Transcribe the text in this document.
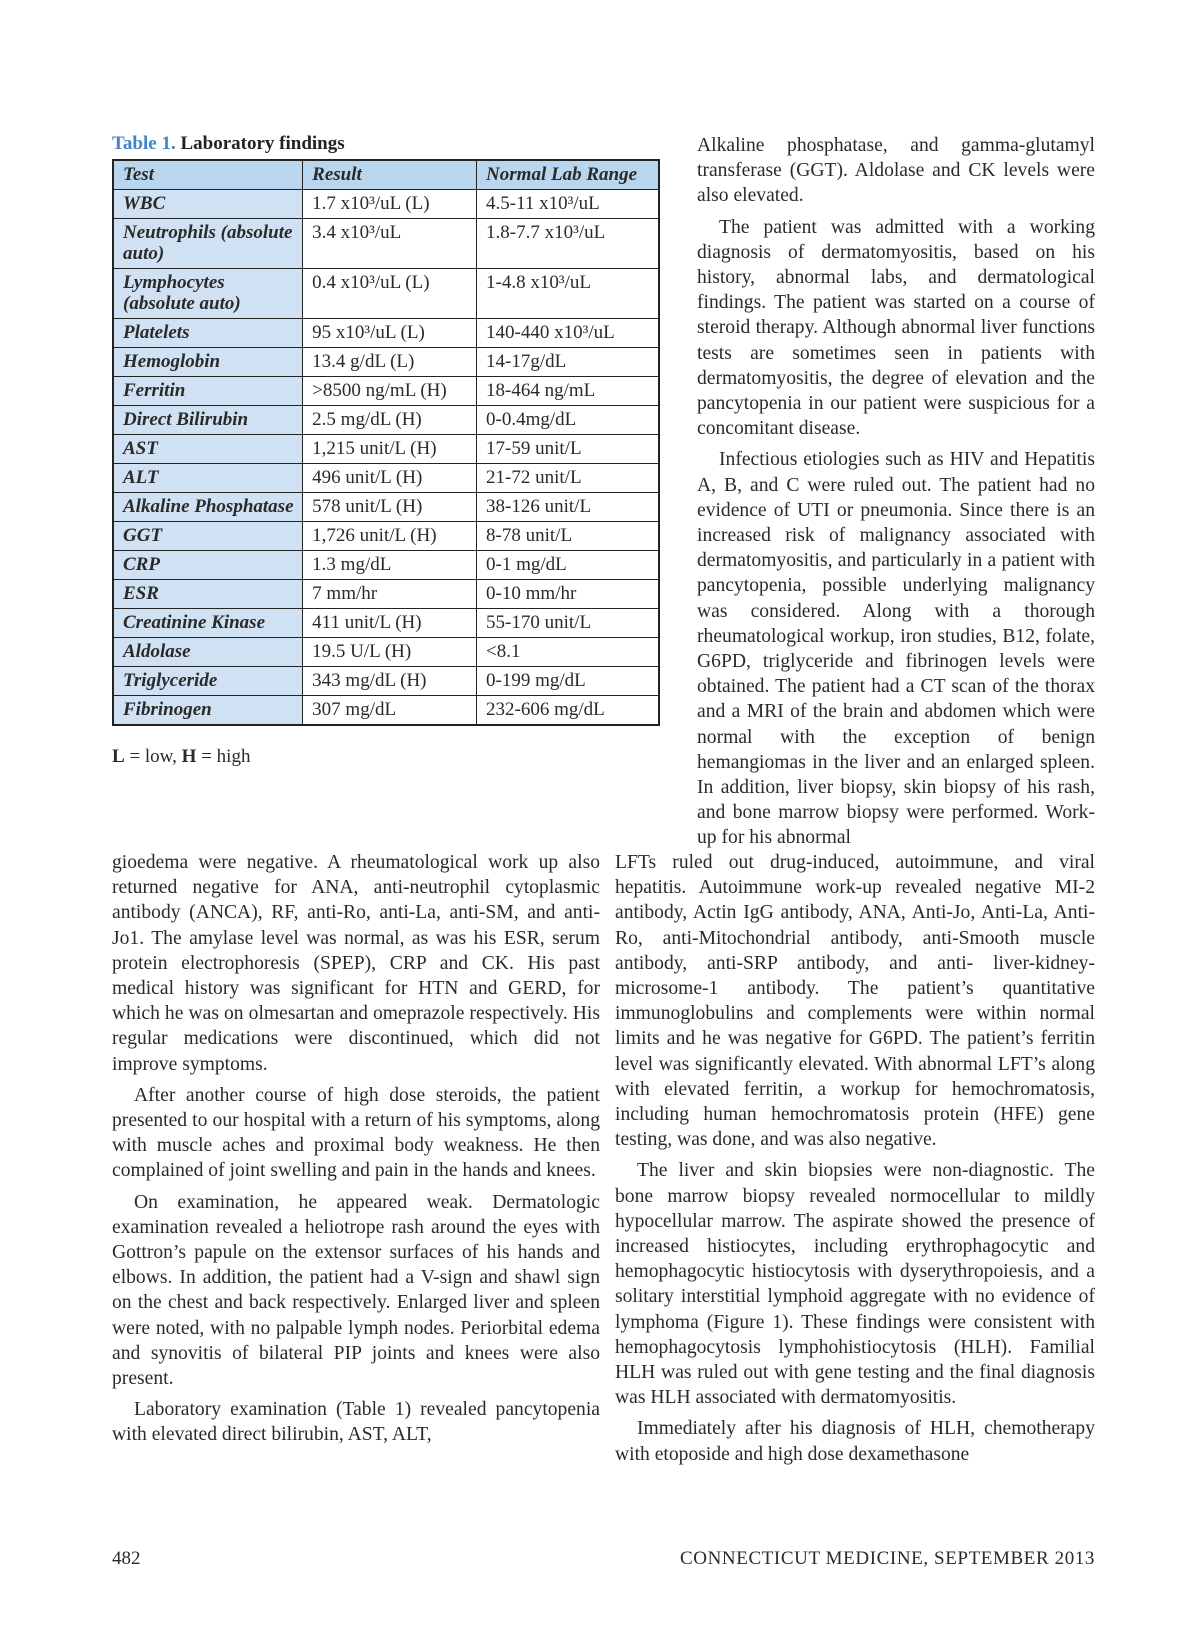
Table 1. Laboratory findings
Test	Result	Normal Lab Range
WBC	1.7 x10³/uL (L)	4.5-11 x10³/uL
Neutrophils (absolute auto)	3.4 x10³/uL	1.8-7.7 x10³/uL
Lymphocytes (absolute auto)	0.4 x10³/uL (L)	1-4.8 x10³/uL
Platelets	95 x10³/uL (L)	140-440 x10³/uL
Hemoglobin	13.4 g/dL (L)	14-17g/dL
Ferritin	>8500 ng/mL (H)	18-464 ng/mL
Direct Bilirubin	2.5 mg/dL (H)	0-0.4mg/dL
AST	1,215 unit/L (H)	17-59 unit/L
ALT	496 unit/L (H)	21-72 unit/L
Alkaline Phosphatase	578 unit/L (H)	38-126 unit/L
GGT	1,726 unit/L (H)	8-78 unit/L
CRP	1.3 mg/dL	0-1 mg/dL
ESR	7 mm/hr	0-10 mm/hr
Creatinine Kinase	411 unit/L (H)	55-170 unit/L
Aldolase	19.5 U/L (H)	<8.1
Triglyceride	343 mg/dL (H)	0-199 mg/dL
Fibrinogen	307 mg/dL	232-606 mg/dL
L = low, H = high

Alkaline phosphatase, and gamma-glutamyl transferase (GGT). Aldolase and CK levels were also elevated.

The patient was admitted with a working diagnosis of dermatomyositis, based on his history, abnormal labs, and dermatological findings. The patient was started on a course of steroid therapy. Although abnormal liver functions tests are sometimes seen in patients with dermatomyositis, the degree of elevation and the pancytopenia in our patient were suspicious for a concomitant disease.

Infectious etiologies such as HIV and Hepatitis A, B, and C were ruled out. The patient had no evidence of UTI or pneumonia. Since there is an increased risk of malignancy associated with dermatomyositis, and particularly in a patient with pancytopenia, possible underlying malignancy was considered. Along with a thorough rheumatological workup, iron studies, B12, folate, G6PD, triglyceride and fibrinogen levels were obtained. The patient had a CT scan of the thorax and a MRI of the brain and abdomen which were normal with the exception of benign hemangiomas in the liver and an enlarged spleen. In addition, liver biopsy, skin biopsy of his rash, and bone marrow biopsy were performed. Work-up for his abnormal

gioedema were negative. A rheumatological work up also returned negative for ANA, anti-neutrophil cytoplasmic antibody (ANCA), RF, anti-Ro, anti-La, anti-SM, and anti-Jo1. The amylase level was normal, as was his ESR, serum protein electrophoresis (SPEP), CRP and CK. His past medical history was significant for HTN and GERD, for which he was on olmesartan and omeprazole respectively. His regular medications were discontinued, which did not improve symptoms.

After another course of high dose steroids, the patient presented to our hospital with a return of his symptoms, along with muscle aches and proximal body weakness. He then complained of joint swelling and pain in the hands and knees.

On examination, he appeared weak. Dermatologic examination revealed a heliotrope rash around the eyes with Gottron’s papule on the extensor surfaces of his hands and elbows. In addition, the patient had a V-sign and shawl sign on the chest and back respectively. Enlarged liver and spleen were noted, with no palpable lymph nodes. Periorbital edema and synovitis of bilateral PIP joints and knees were also present.

Laboratory examination (Table 1) revealed pancytopenia with elevated direct bilirubin, AST, ALT,

LFTs ruled out drug-induced, autoimmune, and viral hepatitis. Autoimmune work-up revealed negative MI-2 antibody, Actin IgG antibody, ANA, Anti-Jo, Anti-La, Anti-Ro, anti-Mitochondrial antibody, anti-Smooth muscle antibody, anti-SRP antibody, and anti- liver-kidney-microsome-1 antibody. The patient’s quantitative immunoglobulins and complements were within normal limits and he was negative for G6PD. The patient’s ferritin level was significantly elevated. With abnormal LFT’s along with elevated ferritin, a workup for hemochromatosis, including human hemochromatosis protein (HFE) gene testing, was done, and was also negative.

The liver and skin biopsies were non-diagnostic. The bone marrow biopsy revealed normocellular to mildly hypocellular marrow. The aspirate showed the presence of increased histiocytes, including erythrophagocytic and hemophagocytic histiocytosis with dyserythropoiesis, and a solitary interstitial lymphoid aggregate with no evidence of lymphoma (Figure 1). These findings were consistent with hemophagocytosis lymphohistiocytosis (HLH). Familial HLH was ruled out with gene testing and the final diagnosis was HLH associated with dermatomyositis.

Immediately after his diagnosis of HLH, chemotherapy with etoposide and high dose dexamethasone

482	CONNECTICUT MEDICINE, SEPTEMBER 2013
